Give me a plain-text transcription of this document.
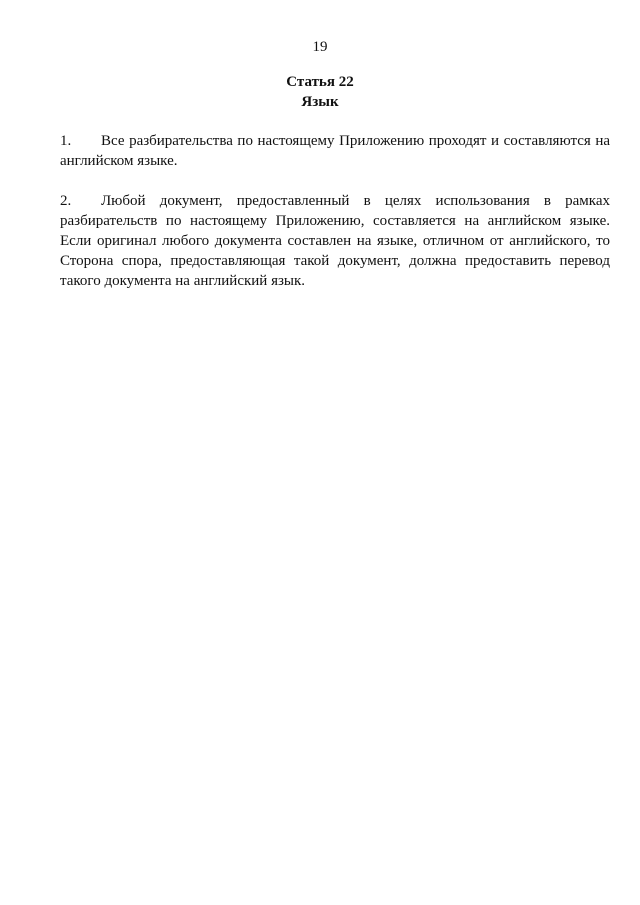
19
Статья 22
Язык

1. Все разбирательства по настоящему Приложению проходят и составляются на английском языке.

2. Любой документ, предоставленный в целях использования в рамках разбирательств по настоящему Приложению, составляется на английском языке. Если оригинал любого документа составлен на языке, отличном от английского, то Сторона спора, предоставляющая такой документ, должна предоставить перевод такого документа на английский язык.
